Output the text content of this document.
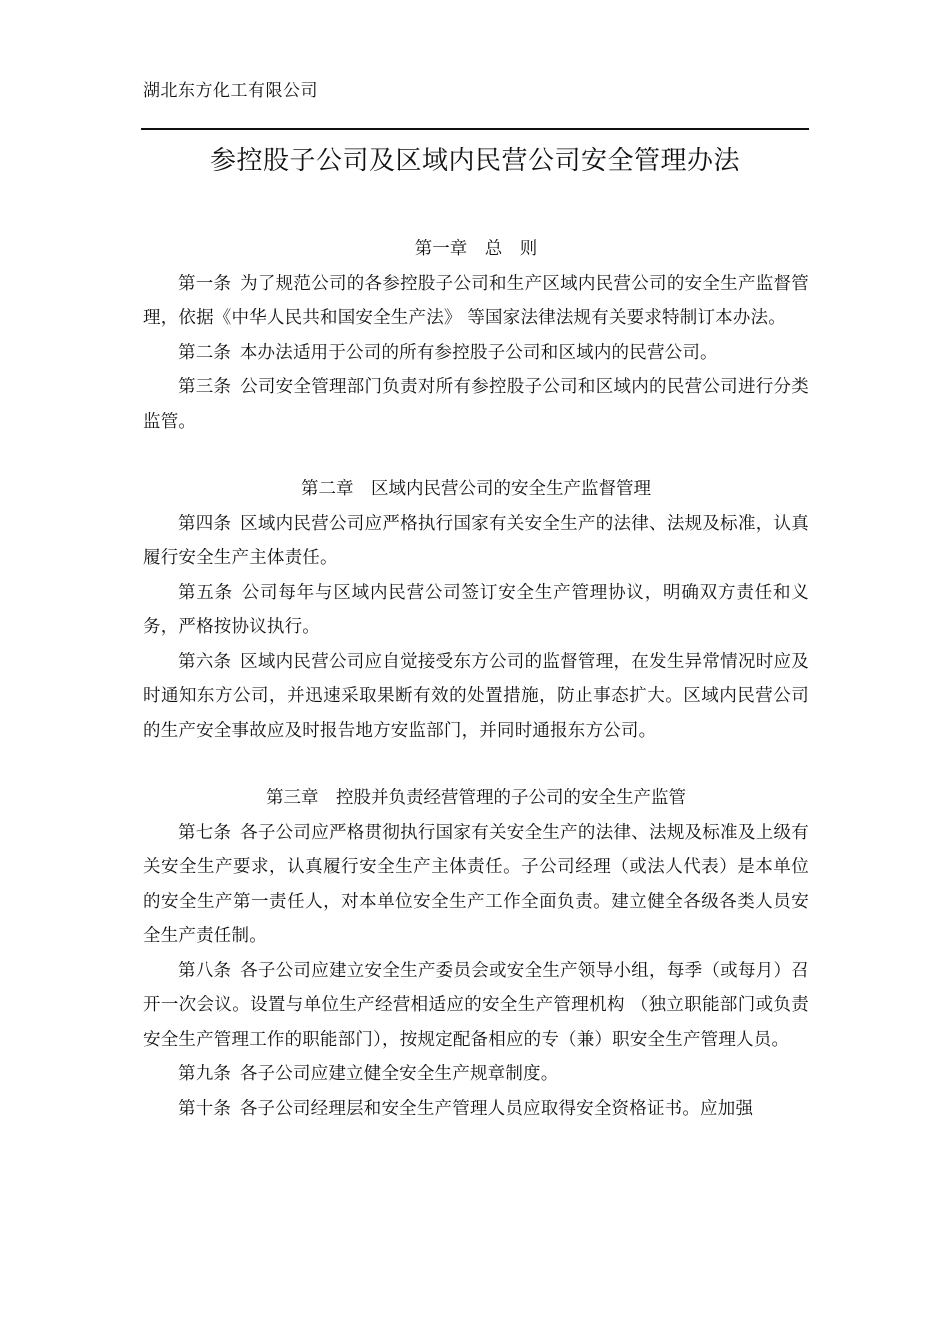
湖北东方化工有限公司
参控股子公司及区域内民营公司安全管理办法
第一章　总　则

第一条 为了规范公司的各参控股子公司和生产区域内民营公司的安全生产监督管理，依据《中华人民共和国安全生产法》 等国家法律法规有关要求特制订本办法。

第二条 本办法适用于公司的所有参控股子公司和区域内的民营公司。

第三条 公司安全管理部门负责对所有参控股子公司和区域内的民营公司进行分类监管。

第二章　区域内民营公司的安全生产监督管理

第四条 区域内民营公司应严格执行国家有关安全生产的法律、法规及标准，认真履行安全生产主体责任。

第五条 公司每年与区域内民营公司签订安全生产管理协议，明确双方责任和义务，严格按协议执行。

第六条 区域内民营公司应自觉接受东方公司的监督管理，在发生异常情况时应及时通知东方公司，并迅速采取果断有效的处置措施，防止事态扩大。区域内民营公司的生产安全事故应及时报告地方安监部门，并同时通报东方公司。

第三章　控股并负责经营管理的子公司的安全生产监管

第七条 各子公司应严格贯彻执行国家有关安全生产的法律、法规及标准及上级有关安全生产要求，认真履行安全生产主体责任。子公司经理（或法人代表）是本单位的安全生产第一责任人，对本单位安全生产工作全面负责。建立健全各级各类人员安全生产责任制。

第八条 各子公司应建立安全生产委员会或安全生产领导小组，每季（或每月）召开一次会议。设置与单位生产经营相适应的安全生产管理机构 （独立职能部门或负责安全生产管理工作的职能部门），按规定配备相应的专（兼）职安全生产管理人员。

第九条 各子公司应建立健全安全生产规章制度。

第十条 各子公司经理层和安全生产管理人员应取得安全资格证书。应加强
